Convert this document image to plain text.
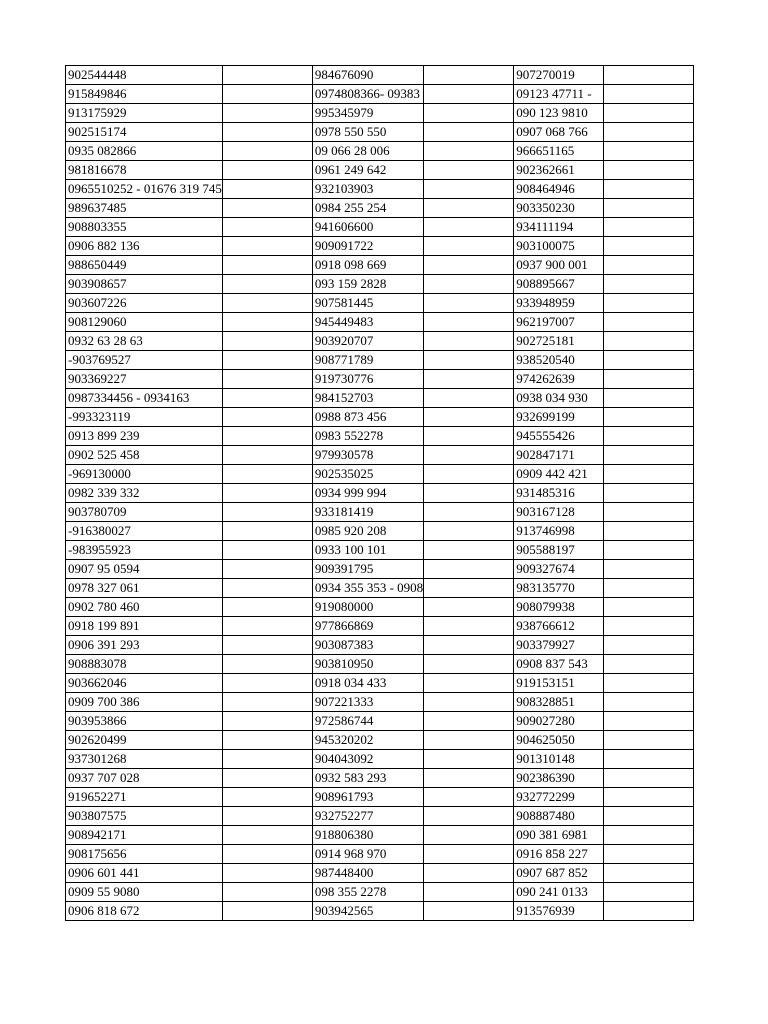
902544448		984676090		907270019	
915849846		0974808366- 09383		09123 47711 -	
913175929		995345979		090 123 9810	
902515174		0978 550 550		0907 068 766	
0935 082866		09 066 28 006		966651165	
981816678		0961 249 642		902362661	
0965510252 - 01676 319 745		932103903		908464946	
989637485		0984 255 254		903350230	
908803355		941606600		934111194	
0906 882 136		909091722		903100075	
988650449		0918 098 669		0937 900 001	
903908657		093 159 2828		908895667	
903607226		907581445		933948959	
908129060		945449483		962197007	
0932 63 28 63		903920707		902725181	
-903769527		908771789		938520540	
903369227		919730776		974262639	
0987334456 - 0934163		984152703		0938 034 930	
-993323119		0988 873 456		932699199	
0913 899 239		0983 552278		945555426	
0902 525 458		979930578		902847171	
-969130000		902535025		0909 442 421	
0982 339 332		0934 999 994		931485316	
903780709		933181419		903167128	
-916380027		0985 920 208		913746998	
-983955923		0933 100 101		905588197	
0907 95 0594		909391795		909327674	
0978 327 061		0934 355 353 - 0908		983135770	
0902 780 460		919080000		908079938	
0918 199 891		977866869		938766612	
0906 391 293		903087383		903379927	
908883078		903810950		0908 837 543	
903662046		0918 034 433		919153151	
0909 700 386		907221333		908328851	
903953866		972586744		909027280	
902620499		945320202		904625050	
937301268		904043092		901310148	
0937 707 028		0932 583 293		902386390	
919652271		908961793		932772299	
903807575		932752277		908887480	
908942171		918806380		090 381 6981	
908175656		0914 968 970		0916 858 227	
0906 601 441		987448400		0907 687 852	
0909 55 9080		098 355 2278		090 241 0133	
0906 818 672		903942565		913576939	
